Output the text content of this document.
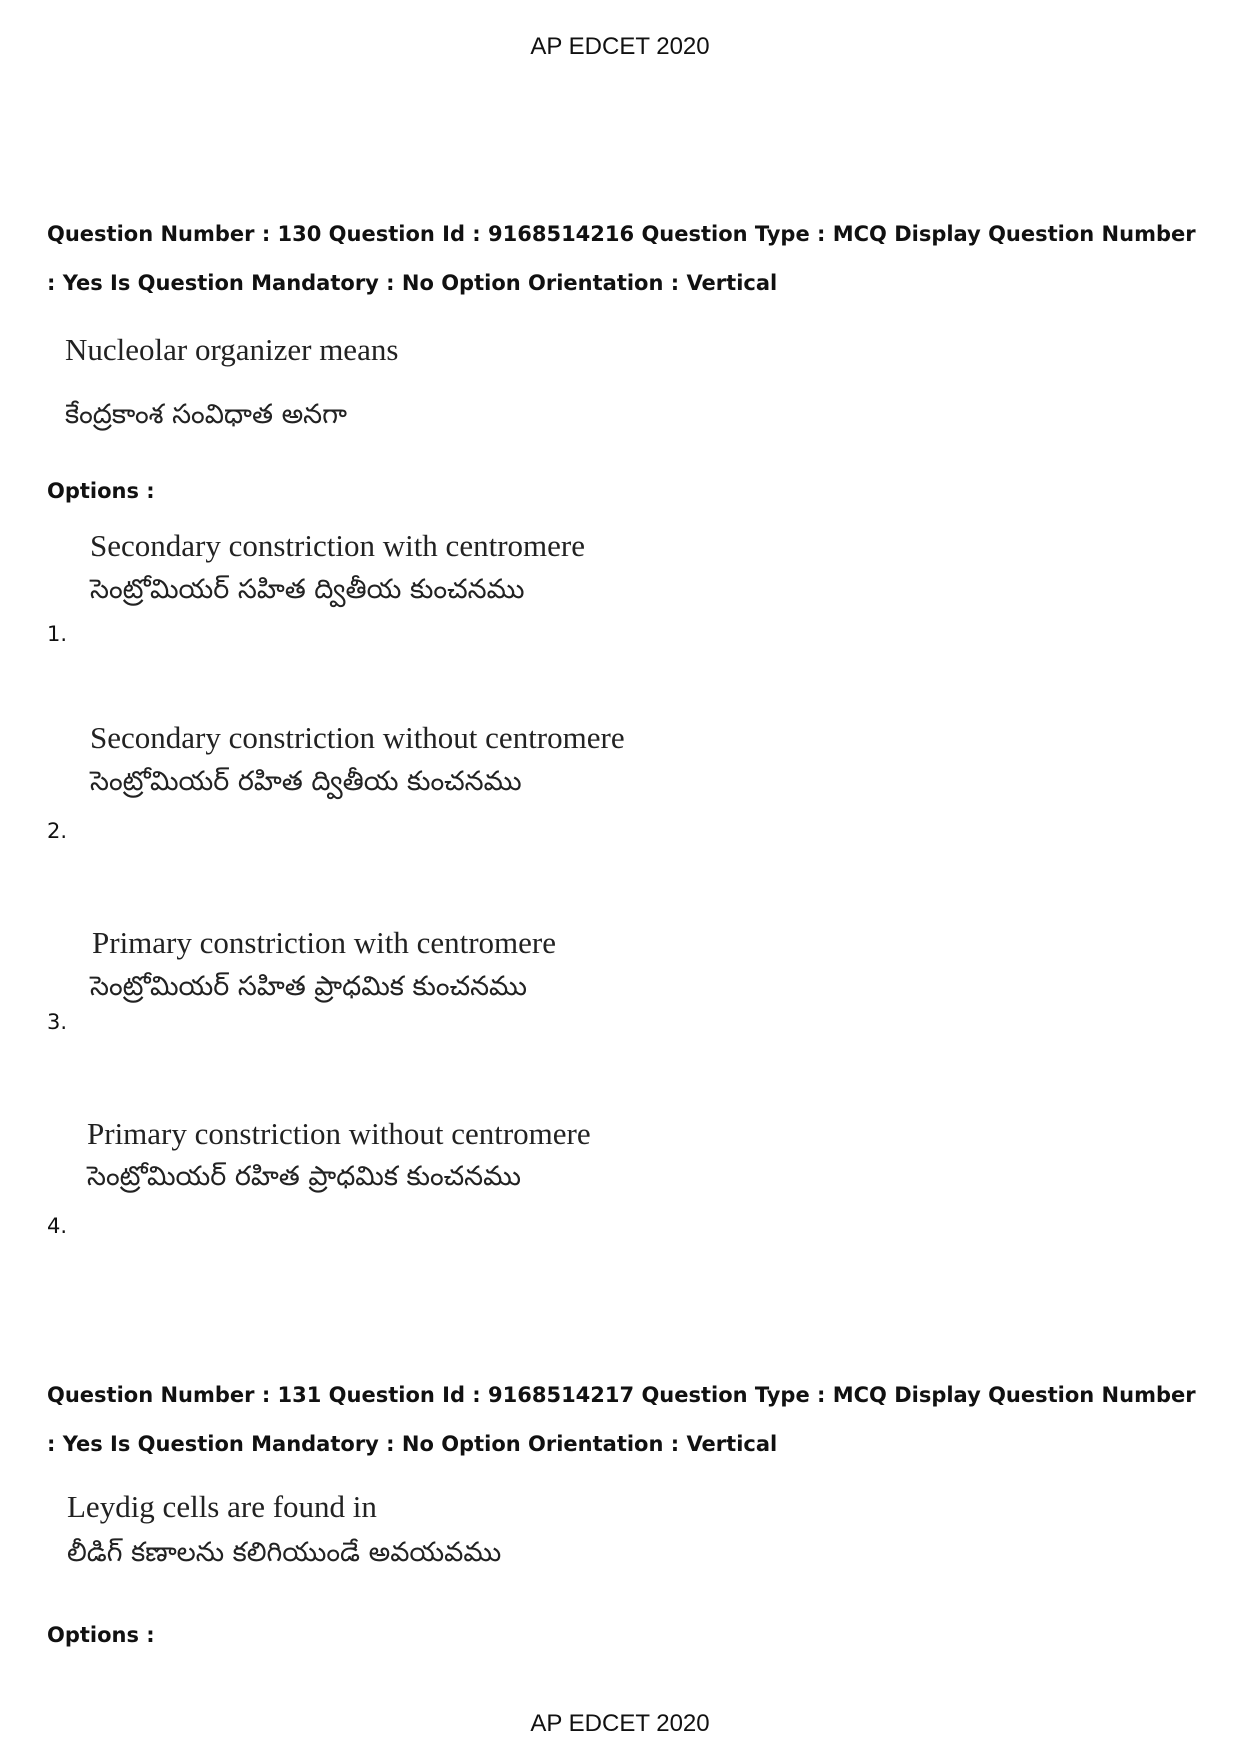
AP EDCET 2020
Question Number : 130 Question Id : 9168514216 Question Type : MCQ Display Question Number : Yes Is Question Mandatory : No Option Orientation : Vertical
Nucleolar organizer means
కేంద్రకాంశ సంవిధాత అనగా
Options :
Secondary constriction with centromere
సెంట్రోమియర్ సహిత ద్వితీయ కుంచనము
1.
Secondary constriction without centromere
సెంట్రోమియర్ రహిత ద్వితీయ కుంచనము
2.
Primary constriction with centromere
సెంట్రోమియర్ సహిత ప్రాధమిక కుంచనము
3.
Primary constriction without centromere
సెంట్రోమియర్ రహిత ప్రాధమిక కుంచనము
4.
Question Number : 131 Question Id : 9168514217 Question Type : MCQ Display Question Number : Yes Is Question Mandatory : No Option Orientation : Vertical
Leydig cells are found in
లీడిగ్ కణాలను కలిగియుండే అవయవము
Options :
AP EDCET 2020
